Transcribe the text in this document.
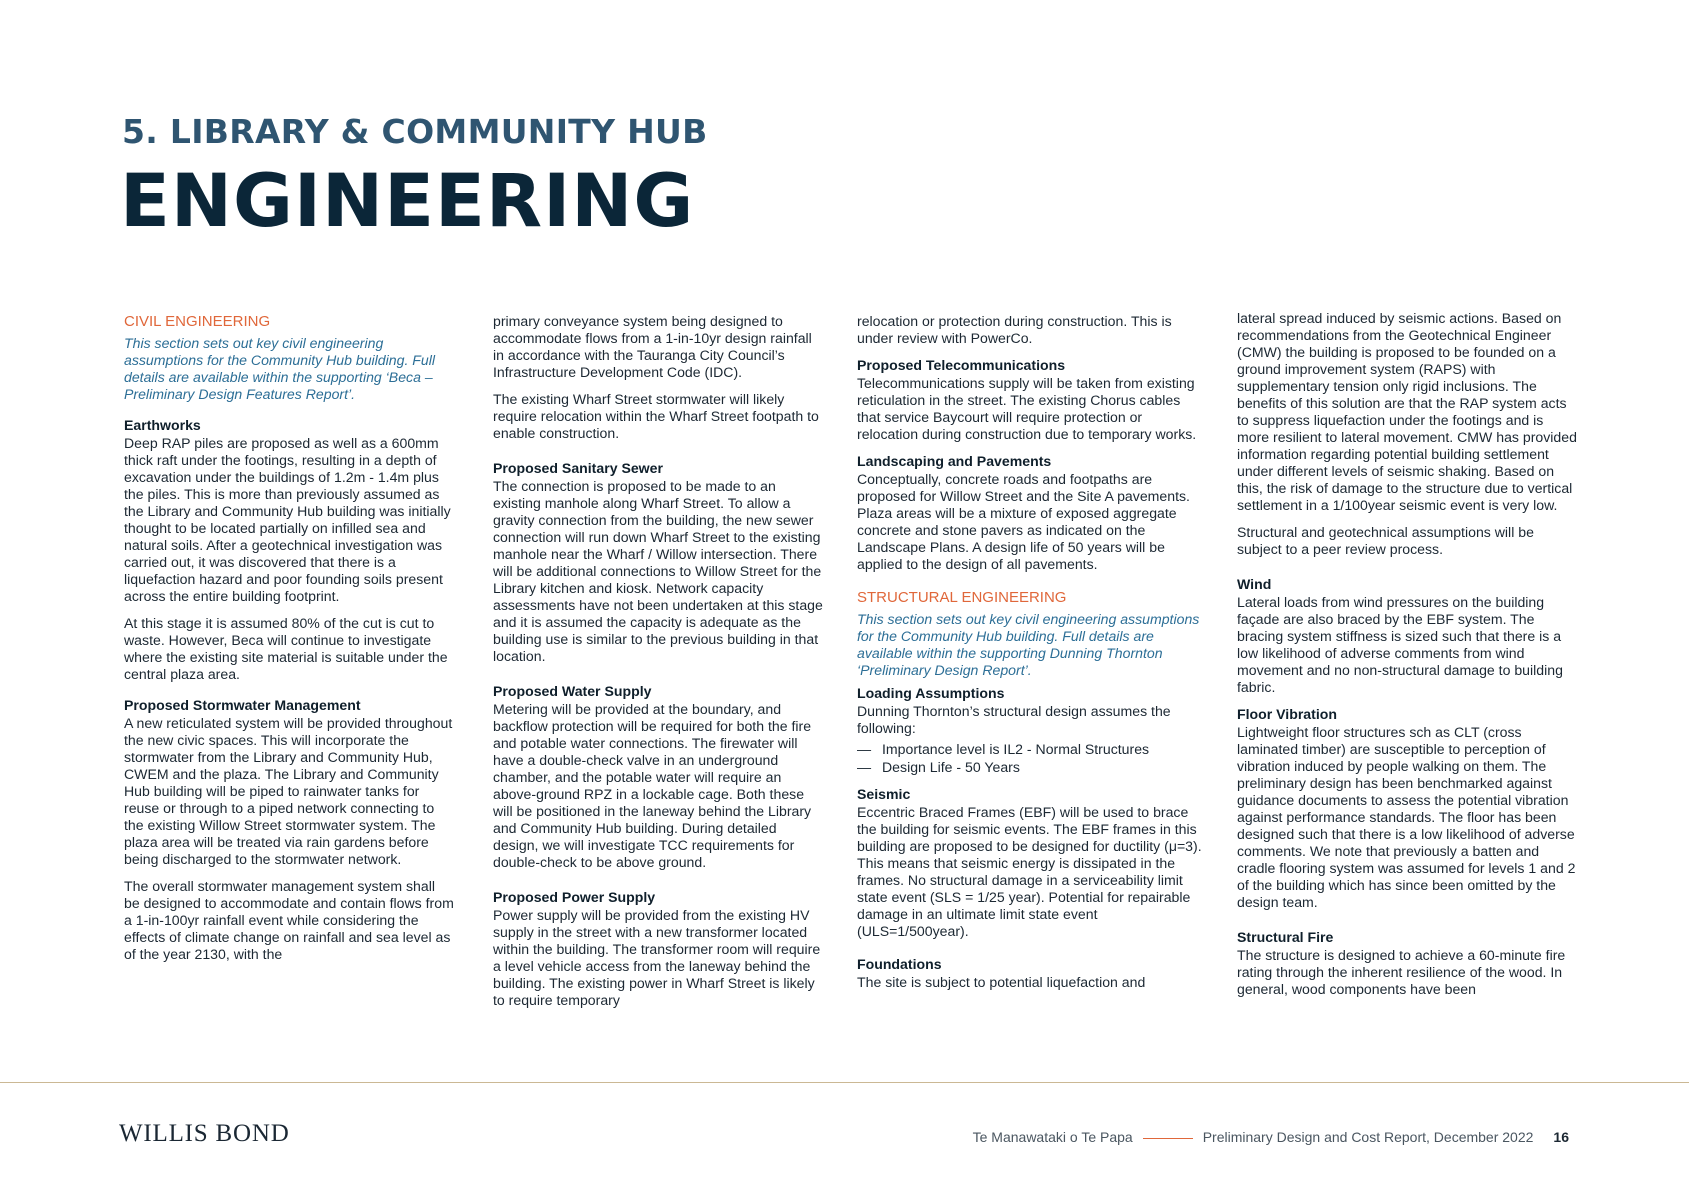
5. LIBRARY & COMMUNITY HUB
ENGINEERING

CIVIL ENGINEERING

This section sets out key civil engineering assumptions for the Community Hub building. Full details are available within the supporting ‘Beca – Preliminary Design Features Report’.

Earthworks

Deep RAP piles are proposed as well as a 600mm thick raft under the footings, resulting in a depth of excavation under the buildings of 1.2m - 1.4m plus the piles. This is more than previously assumed as the Library and Community Hub building was initially thought to be located partially on infilled sea and natural soils. After a geotechnical investigation was carried out, it was discovered that there is a liquefaction hazard and poor founding soils present across the entire building footprint.

At this stage it is assumed 80% of the cut is cut to waste. However, Beca will continue to investigate where the existing site material is suitable under the central plaza area.

Proposed Stormwater Management

A new reticulated system will be provided throughout the new civic spaces. This will incorporate the stormwater from the Library and Community Hub, CWEM and the plaza. The Library and Community Hub building will be piped to rainwater tanks for reuse or through to a piped network connecting to the existing Willow Street stormwater system. The plaza area will be treated via rain gardens before being discharged to the stormwater network.

The overall stormwater management system shall be designed to accommodate and contain flows from a 1-in-100yr rainfall event while considering the effects of climate change on rainfall and sea level as of the year 2130, with the

primary conveyance system being designed to accommodate flows from a 1-in-10yr design rainfall in accordance with the Tauranga City Council’s Infrastructure Development Code (IDC).

The existing Wharf Street stormwater will likely require relocation within the Wharf Street footpath to enable construction.

Proposed Sanitary Sewer

The connection is proposed to be made to an existing manhole along Wharf Street. To allow a gravity connection from the building, the new sewer connection will run down Wharf Street to the existing manhole near the Wharf / Willow intersection. There will be additional connections to Willow Street for the Library kitchen and kiosk. Network capacity assessments have not been undertaken at this stage and it is assumed the capacity is adequate as the building use is similar to the previous building in that location.

Proposed Water Supply

Metering will be provided at the boundary, and backflow protection will be required for both the fire and potable water connections. The firewater will have a double-check valve in an underground chamber, and the potable water will require an above-ground RPZ in a lockable cage. Both these will be positioned in the laneway behind the Library and Community Hub building. During detailed design, we will investigate TCC requirements for double-check to be above ground.

Proposed Power Supply

Power supply will be provided from the existing HV supply in the street with a new transformer located within the building. The transformer room will require a level vehicle access from the laneway behind the building. The existing power in Wharf Street is likely to require temporary

relocation or protection during construction. This is under review with PowerCo.

Proposed Telecommunications

Telecommunications supply will be taken from existing reticulation in the street. The existing Chorus cables that service Baycourt will require protection or relocation during construction due to temporary works.

Landscaping and Pavements

Conceptually, concrete roads and footpaths are proposed for Willow Street and the Site A pavements. Plaza areas will be a mixture of exposed aggregate concrete and stone pavers as indicated on the Landscape Plans. A design life of 50 years will be applied to the design of all pavements.

STRUCTURAL ENGINEERING

This section sets out key civil engineering assumptions for the Community Hub building. Full details are available within the supporting Dunning Thornton ‘Preliminary Design Report’.

Loading Assumptions

Dunning Thornton’s structural design assumes the following:

— Importance level is IL2 - Normal Structures
— Design Life - 50 Years
Seismic

Eccentric Braced Frames (EBF) will be used to brace the building for seismic events. The EBF frames in this building are proposed to be designed for ductility (μ=3). This means that seismic energy is dissipated in the frames. No structural damage in a serviceability limit state event (SLS = 1/25 year). Potential for repairable damage in an ultimate limit state event (ULS=1/500year).

Foundations

The site is subject to potential liquefaction and

lateral spread induced by seismic actions. Based on recommendations from the Geotechnical Engineer (CMW) the building is proposed to be founded on a ground improvement system (RAPS) with supplementary tension only rigid inclusions. The benefits of this solution are that the RAP system acts to suppress liquefaction under the footings and is more resilient to lateral movement. CMW has provided information regarding potential building settlement under different levels of seismic shaking. Based on this, the risk of damage to the structure due to vertical settlement in a 1/100year seismic event is very low.

Structural and geotechnical assumptions will be subject to a peer review process.

Wind

Lateral loads from wind pressures on the building façade are also braced by the EBF system. The bracing system stiffness is sized such that there is a low likelihood of adverse comments from wind movement and no non-structural damage to building fabric.

Floor Vibration

Lightweight floor structures sch as CLT (cross laminated timber) are susceptible to perception of vibration induced by people walking on them. The preliminary design has been benchmarked against guidance documents to assess the potential vibration against performance standards. The floor has been designed such that there is a low likelihood of adverse comments. We note that previously a batten and cradle flooring system was assumed for levels 1 and 2 of the building which has since been omitted by the design team.

Structural Fire

The structure is designed to achieve a 60-minute fire rating through the inherent resilience of the wood. In general, wood components have been

WILLIS BOND	Te Manawataki o Te Papa	Preliminary Design and Cost Report, December 2022 16
